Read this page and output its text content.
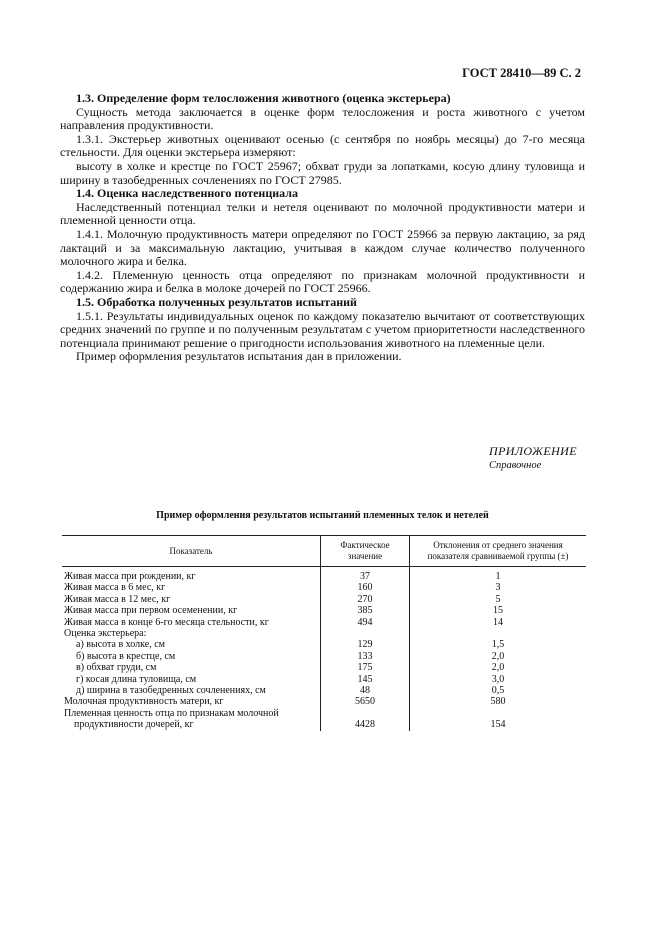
ГОСТ 28410—89 С. 2

1.3. Определение форм телосложения животного (оценка экстерьера)

Сущность метода заключается в оценке форм телосложения и роста животного с учетом направления продуктивности.

1.3.1. Экстерьер животных оценивают осенью (с сентября по ноябрь месяцы) до 7-го месяца стельности. Для оценки экстерьера измеряют:

высоту в холке и крестце по ГОСТ 25967; обхват груди за лопатками, косую длину туловища и ширину в тазобедренных сочленениях по ГОСТ 27985.

1.4. Оценка наследственного потенциала

Наследственный потенциал телки и нетеля оценивают по молочной продуктивности матери и племенной ценности отца.

1.4.1. Молочную продуктивность матери определяют по ГОСТ 25966 за первую лактацию, за ряд лактаций и за максимальную лактацию, учитывая в каждом случае количество полученного молочного жира и белка.

1.4.2. Племенную ценность отца определяют по признакам молочной продуктивности и содержанию жира и белка в молоке дочерей по ГОСТ 25966.

1.5. Обработка полученных результатов испытаний

1.5.1. Результаты индивидуальных оценок по каждому показателю вычитают от соответствующих средних значений по группе и по полученным результатам с учетом приоритетности наследственного потенциала принимают решение о пригодности использования животного на племенные цели.

Пример оформления результатов испытания дан в приложении.

ПРИЛОЖЕНИЕ
Справочное
Пример оформления результатов испытаний племенных телок и нетелей
Показатель	Фактическое значение	Отклонения от среднего значения показателя сравниваемой группы (±)
Живая масса при рождении, кг	37	1
Живая масса в 6 мес, кг	160	3
Живая масса в 12 мес, кг	270	5
Живая масса при первом осеменении, кг	385	15
Живая масса в конце 6-го месяца стельности, кг	494	14
Оценка экстерьера:		
а) высота в холке, см	129	1,5
б) высота в крестце, см	133	2,0
в) обхват груди, см	175	2,0
г) косая длина туловища, см	145	3,0
д) ширина в тазобедренных сочленениях, см	48	0,5
Молочная продуктивность матери, кг	5650	580
Племенная ценность отца по признакам молочной		
продуктивности дочерей, кг	4428	154
